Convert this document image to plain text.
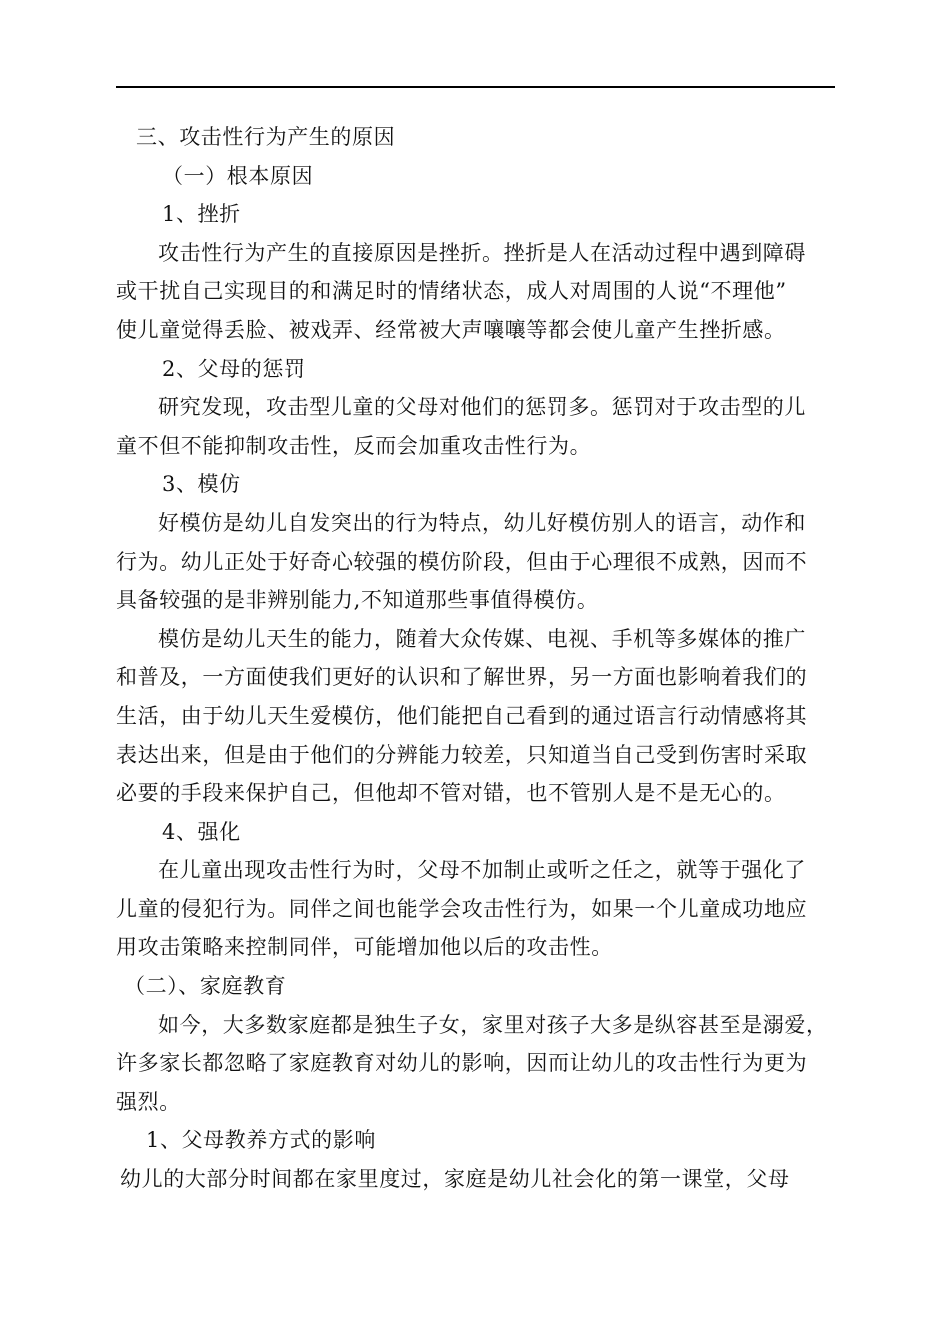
三、攻击性行为产生的原因
（一）根本原因
1、挫折
攻击性行为产生的直接原因是挫折。挫折是人在活动过程中遇到障碍
或干扰自己实现目的和满足时的情绪状态，成人对周围的人说“不理他”
使儿童觉得丢脸、被戏弄、经常被大声嚷嚷等都会使儿童产生挫折感。
2、父母的惩罚
研究发现，攻击型儿童的父母对他们的惩罚多。惩罚对于攻击型的儿
童不但不能抑制攻击性，反而会加重攻击性行为。
3、模仿
好模仿是幼儿自发突出的行为特点，幼儿好模仿别人的语言，动作和
行为。幼儿正处于好奇心较强的模仿阶段，但由于心理很不成熟，因而不
具备较强的是非辨别能力,不知道那些事值得模仿。
模仿是幼儿天生的能力，随着大众传媒、电视、手机等多媒体的推广
和普及，一方面使我们更好的认识和了解世界，另一方面也影响着我们的
生活，由于幼儿天生爱模仿，他们能把自己看到的通过语言行动情感将其
表达出来，但是由于他们的分辨能力较差，只知道当自己受到伤害时采取
必要的手段来保护自己，但他却不管对错，也不管别人是不是无心的。
4、强化
在儿童出现攻击性行为时，父母不加制止或听之任之，就等于强化了
儿童的侵犯行为。同伴之间也能学会攻击性行为，如果一个儿童成功地应
用攻击策略来控制同伴，可能增加他以后的攻击性。
（二）、家庭教育
如今，大多数家庭都是独生子女，家里对孩子大多是纵容甚至是溺爱，
许多家长都忽略了家庭教育对幼儿的影响，因而让幼儿的攻击性行为更为
强烈。
1、父母教养方式的影响
幼儿的大部分时间都在家里度过，家庭是幼儿社会化的第一课堂，父母
